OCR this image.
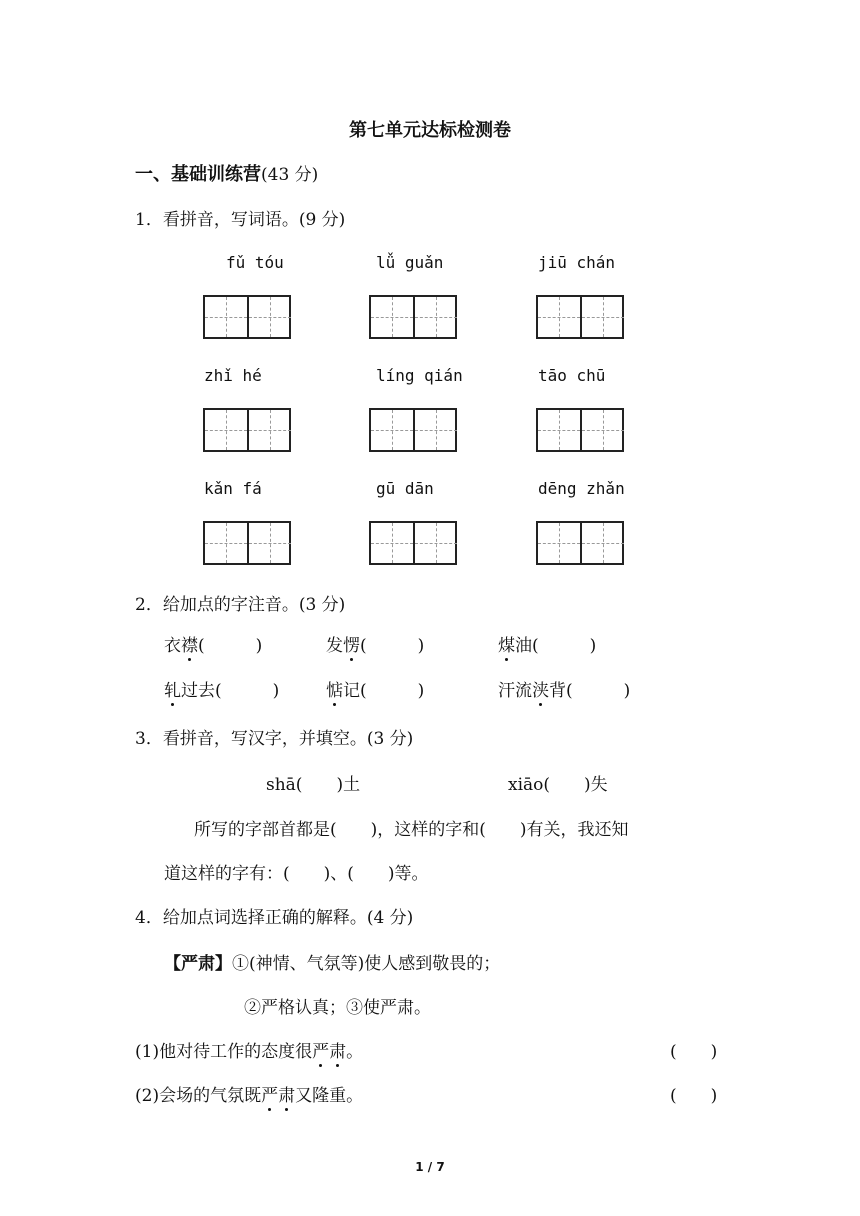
第七单元达标检测卷
一、基础训练营(43 分)
1．看拼音，写词语。(9 分)
fǔ tóu	lǚ guǎn	jiū chán
zhǐ hé	líng qián	tāo chū
kǎn fá	gū dān	dēng zhǎn
2．给加点的字注音。(3 分)
衣襟(　　　)	发愣(　　　)	煤油(　　　)
轧过去(　　　)	惦记(　　　)	汗流浃背(　　　)
3．看拼音，写汉字，并填空。(3 分)
shā(　　)土	xiāo(　　)失
所写的字部首都是(　　)，这样的字和(　　)有关，我还知
道这样的字有：(　　)、(　　)等。
4．给加点词选择正确的解释。(4 分)
【严肃】①(神情、气氛等)使人感到敬畏的；
②严格认真；③使严肃。
(1)他对待工作的态度很严肃。	(　　)
(2)会场的气氛既严肃又隆重。	(　　)
1 / 7
